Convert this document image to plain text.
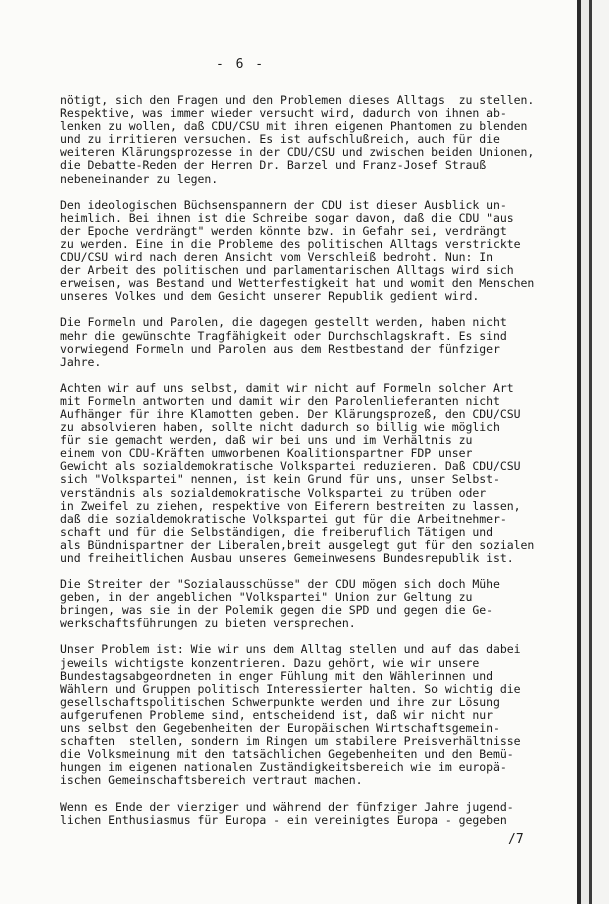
- 6 -

nötigt, sich den Fragen und den Problemen dieses Alltags  zu stellen.
Respektive, was immer wieder versucht wird, dadurch von ihnen ab-
lenken zu wollen, daß CDU/CSU mit ihren eigenen Phantomen zu blenden
und zu irritieren versuchen. Es ist aufschlußreich, auch für die
weiteren Klärungsprozesse in der CDU/CSU und zwischen beiden Unionen,
die Debatte-Reden der Herren Dr. Barzel und Franz-Josef Strauß
nebeneinander zu legen.

Den ideologischen Büchsenspannern der CDU ist dieser Ausblick un-
heimlich. Bei ihnen ist die Schreibe sogar davon, daß die CDU "aus
der Epoche verdrängt" werden könnte bzw. in Gefahr sei, verdrängt
zu werden. Eine in die Probleme des politischen Alltags verstrickte
CDU/CSU wird nach deren Ansicht vom Verschleiß bedroht. Nun: In
der Arbeit des politischen und parlamentarischen Alltags wird sich
erweisen, was Bestand und Wetterfestigkeit hat und womit den Menschen
unseres Volkes und dem Gesicht unserer Republik gedient wird.

Die Formeln und Parolen, die dagegen gestellt werden, haben nicht
mehr die gewünschte Tragfähigkeit oder Durchschlagskraft. Es sind
vorwiegend Formeln und Parolen aus dem Restbestand der fünfziger
Jahre.

Achten wir auf uns selbst, damit wir nicht auf Formeln solcher Art
mit Formeln antworten und damit wir den Parolenlieferanten nicht
Aufhänger für ihre Klamotten geben. Der Klärungsprozeß, den CDU/CSU
zu absolvieren haben, sollte nicht dadurch so billig wie möglich
für sie gemacht werden, daß wir bei uns und im Verhältnis zu
einem von CDU-Kräften umworbenen Koalitionspartner FDP unser
Gewicht als sozialdemokratische Volkspartei reduzieren. Daß CDU/CSU
sich "Volkspartei" nennen, ist kein Grund für uns, unser Selbst-
verständnis als sozialdemokratische Volkspartei zu trüben oder
in Zweifel zu ziehen, respektive von Eiferern bestreiten zu lassen,
daß die sozialdemokratische Volkspartei gut für die Arbeitnehmer-
schaft und für die Selbständigen, die freiberuflich Tätigen und
als Bündnispartner der Liberalen,breit ausgelegt gut für den sozialen
und freiheitlichen Ausbau unseres Gemeinwesens Bundesrepublik ist.

Die Streiter der "Sozialausschüsse" der CDU mögen sich doch Mühe
geben, in der angeblichen "Volkspartei" Union zur Geltung zu
bringen, was sie in der Polemik gegen die SPD und gegen die Ge-
werkschaftsführungen zu bieten versprechen.

Unser Problem ist: Wie wir uns dem Alltag stellen und auf das dabei
jeweils wichtigste konzentrieren. Dazu gehört, wie wir unsere
Bundestagsabgeordneten in enger Fühlung mit den Wählerinnen und
Wählern und Gruppen politisch Interessierter halten. So wichtig die
gesellschaftspolitischen Schwerpunkte werden und ihre zur Lösung
aufgerufenen Probleme sind, entscheidend ist, daß wir nicht nur
uns selbst den Gegebenheiten der Europäischen Wirtschaftsgemein-
schaften  stellen, sondern im Ringen um stabilere Preisverhältnisse
die Volksmeinung mit den tatsächlichen Gegebenheiten und den Bemü-
hungen im eigenen nationalen Zuständigkeitsbereich wie im europä-
ischen Gemeinschaftsbereich vertraut machen.

Wenn es Ende der vierziger und während der fünfziger Jahre jugend-
lichen Enthusiasmus für Europa - ein vereinigtes Europa - gegeben

/7
